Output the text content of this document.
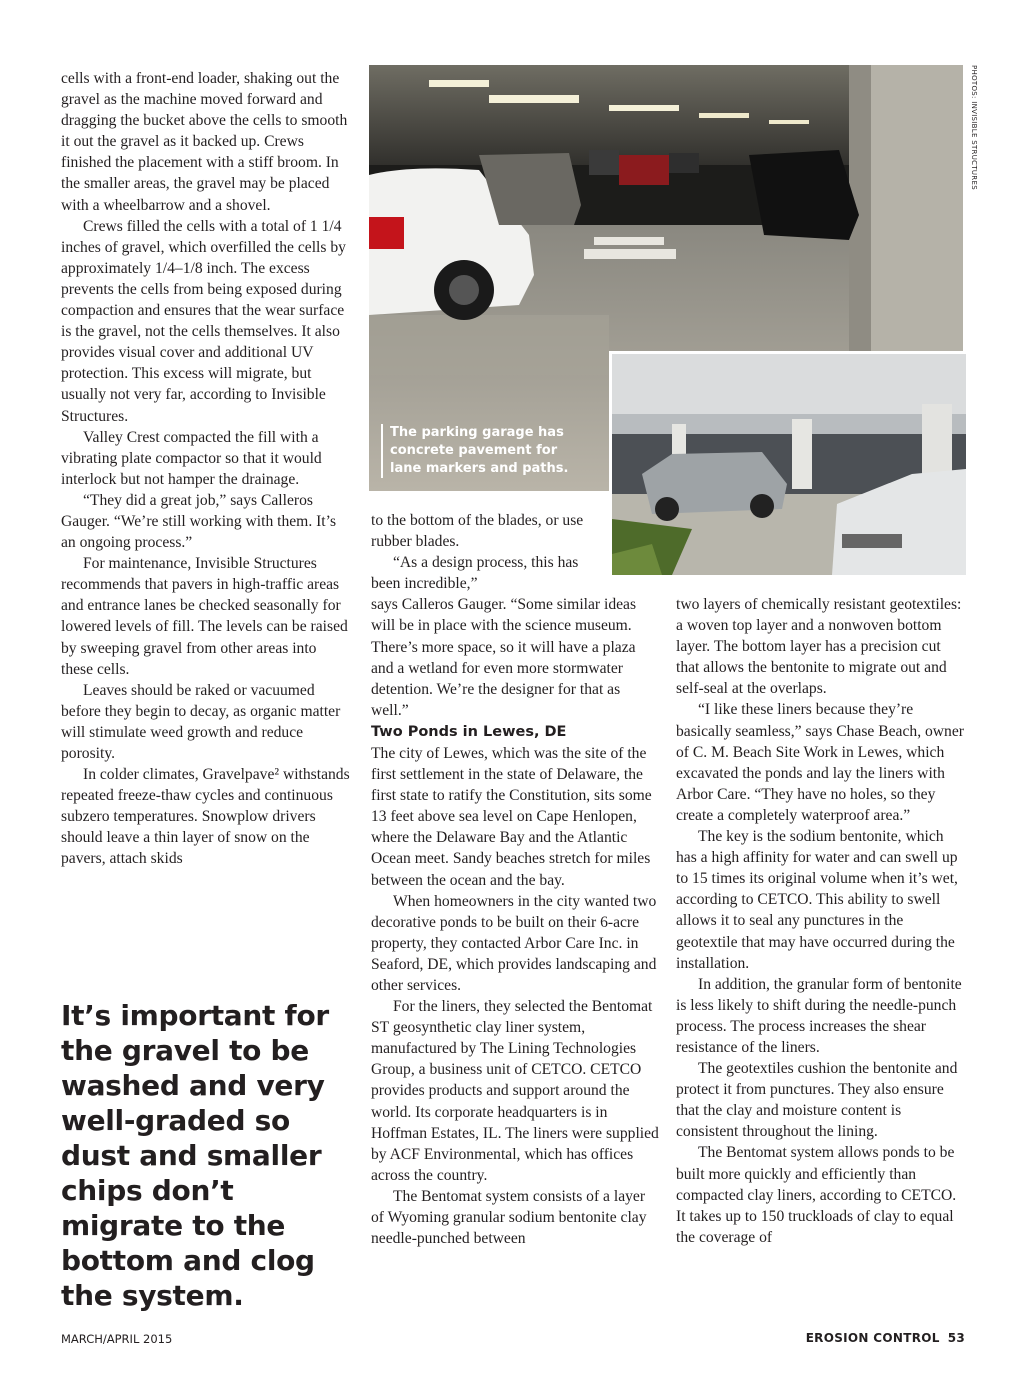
cells with a front-end loader, shaking out the gravel as the machine moved forward and dragging the bucket above the cells to smooth it out the gravel as it backed up. Crews finished the placement with a stiff broom. In the smaller areas, the gravel may be placed with a wheelbarrow and a shovel.

Crews filled the cells with a total of 1 1/4 inches of gravel, which overfilled the cells by approximately 1/4–1/8 inch. The excess prevents the cells from being exposed during compaction and ensures that the wear surface is the gravel, not the cells themselves. It also provides visual cover and additional UV protection. This excess will migrate, but usually not very far, according to Invisible Structures.

Valley Crest compacted the fill with a vibrating plate compactor so that it would interlock but not hamper the drainage.

“They did a great job,” says Calleros Gauger. “We’re still working with them. It’s an ongoing process.”

For maintenance, Invisible Structures recommends that pavers in high-traffic areas and entrance lanes be checked seasonally for lowered levels of fill. The levels can be raised by sweeping gravel from other areas into these cells.

Leaves should be raked or vacuumed before they begin to decay, as organic matter will stimulate weed growth and reduce porosity.

In colder climates, Gravelpave² withstands repeated freeze-thaw cycles and continuous subzero temperatures. Snowplow drivers should leave a thin layer of snow on the pavers, attach skids

It’s important for the gravel to be washed and very well-graded so dust and smaller chips don’t migrate to the bottom and clog the system.
The parking garage has concrete pavement for lane markers and paths.
PHOTOS: INVISIBLE STRUCTURES

to the bottom of the blades, or use rubber blades.

“As a design process, this has been incredible,”

says Calleros Gauger. “Some similar ideas will be in place with the science museum. There’s more space, so it will have a plaza and a wetland for even more stormwater detention. We’re the designer for that as well.”

Two Ponds in Lewes, DE

The city of Lewes, which was the site of the first settlement in the state of Delaware, the first state to ratify the Constitution, sits some 13 feet above sea level on Cape Henlopen, where the Delaware Bay and the Atlantic Ocean meet. Sandy beaches stretch for miles between the ocean and the bay.

When homeowners in the city wanted two decorative ponds to be built on their 6-acre property, they contacted Arbor Care Inc. in Seaford, DE, which provides landscaping and other services.

For the liners, they selected the Bentomat ST geosynthetic clay liner system, manufactured by The Lining Technologies Group, a business unit of CETCO. CETCO provides products and support around the world. Its corporate headquarters is in Hoffman Estates, IL. The liners were supplied by ACF Environmental, which has offices across the country.

The Bentomat system consists of a layer of Wyoming granular sodium bentonite clay needle-punched between

two layers of chemically resistant geotextiles: a woven top layer and a nonwoven bottom layer. The bottom layer has a precision cut that allows the bentonite to migrate out and self-seal at the overlaps.

“I like these liners because they’re basically seamless,” says Chase Beach, owner of C. M. Beach Site Work in Lewes, which excavated the ponds and lay the liners with Arbor Care. “They have no holes, so they create a completely waterproof area.”

The key is the sodium bentonite, which has a high affinity for water and can swell up to 15 times its original volume when it’s wet, according to CETCO. This ability to swell allows it to seal any punctures in the geotextile that may have occurred during the installation.

In addition, the granular form of bentonite is less likely to shift during the needle-punch process. The process increases the shear resistance of the liners.

The geotextiles cushion the bentonite and protect it from punctures. They also ensure that the clay and moisture content is consistent throughout the lining.

The Bentomat system allows ponds to be built more quickly and efficiently than compacted clay liners, according to CETCO. It takes up to 150 truckloads of clay to equal the coverage of

MARCH/APRIL 2015	EROSION CONTROL 53
